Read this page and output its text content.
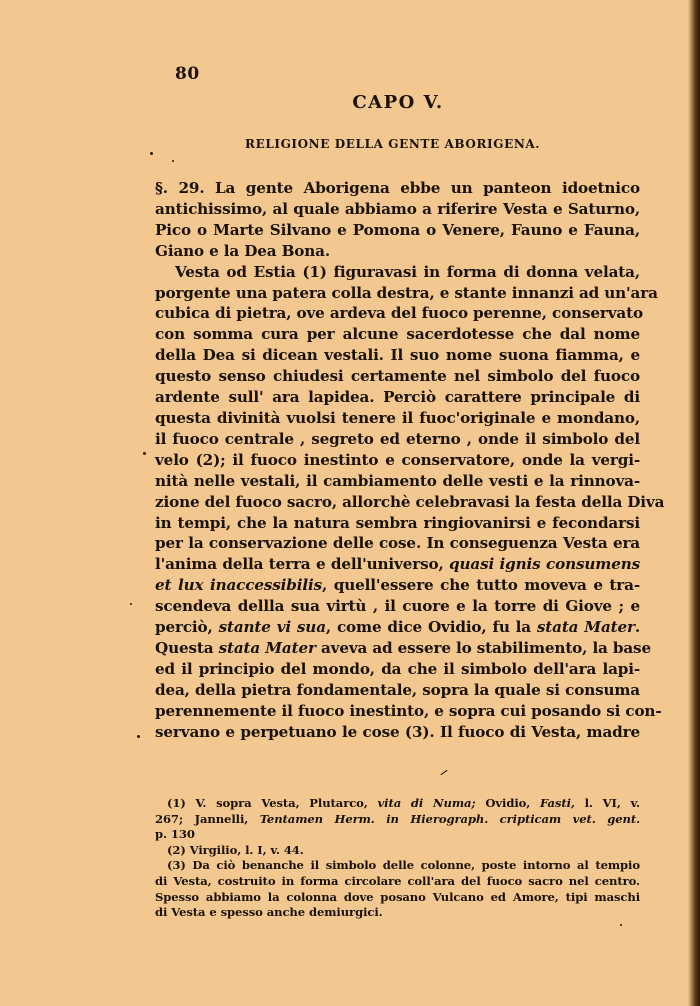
80
CAPO V.
RELIGIONE DELLA GENTE ABORIGENA.
§. 29. La gente Aborigena ebbe un panteon idoetnico
antichissimo, al quale abbiamo a riferire Vesta e Saturno,
Pico o Marte Silvano e Pomona o Venere, Fauno e Fauna,
Giano e la Dea Bona.
Vesta od Estia (1) figuravasi in forma di donna velata,
porgente una patera colla destra, e stante innanzi ad un'ara
cubica di pietra, ove ardeva del fuoco perenne, conservato
con somma cura per alcune sacerdotesse che dal nome
della Dea si dicean vestali. Il suo nome suona fiamma, e
questo senso chiudesi certamente nel simbolo del fuoco
ardente sull' ara lapidea. Perciò carattere principale di
questa divinità vuolsi tenere il fuoc'originale e mondano,
il fuoco centrale , segreto ed eterno , onde il simbolo del
velo (2); il fuoco inestinto e conservatore, onde la vergi-
nità nelle vestali, il cambiamento delle vesti e la rinnova-
zione del fuoco sacro, allorchè celebravasi la festa della Diva
in tempi, che la natura sembra ringiovanirsi e fecondarsi
per la conservazione delle cose. In conseguenza Vesta era
l'anima della terra e dell'universo, quasi ignis consumens
et lux inaccessibilis, quell'essere che tutto moveva e tra-
scendeva dellla sua virtù , il cuore e la torre di Giove ; e
perciò, stante vi sua, come dice Ovidio, fu la stata Mater.
Questa stata Mater aveva ad essere lo stabilimento, la base
ed il principio del mondo, da che il simbolo dell'ara lapi-
dea, della pietra fondamentale, sopra la quale si consuma
perennemente il fuoco inestinto, e sopra cui posando si con-
servano e perpetuano le cose (3). Il fuoco di Vesta, madre
(1) V. sopra Vesta, Plutarco, vita di Numa; Ovidio, Fasti, l. VI, v.
267; Jannelli, Tentamen Herm. in Hierograph. cripticam vet. gent.
p. 130
(2) Virgilio, l. I, v. 44.
(3) Da ciò benanche il simbolo delle colonne, poste intorno al tempio
di Vesta, costruito in forma circolare coll'ara del fuoco sacro nel centro.
Spesso abbiamo la colonna dove posano Vulcano ed Amore, tipi maschi
di Vesta e spesso anche demiurgici.
